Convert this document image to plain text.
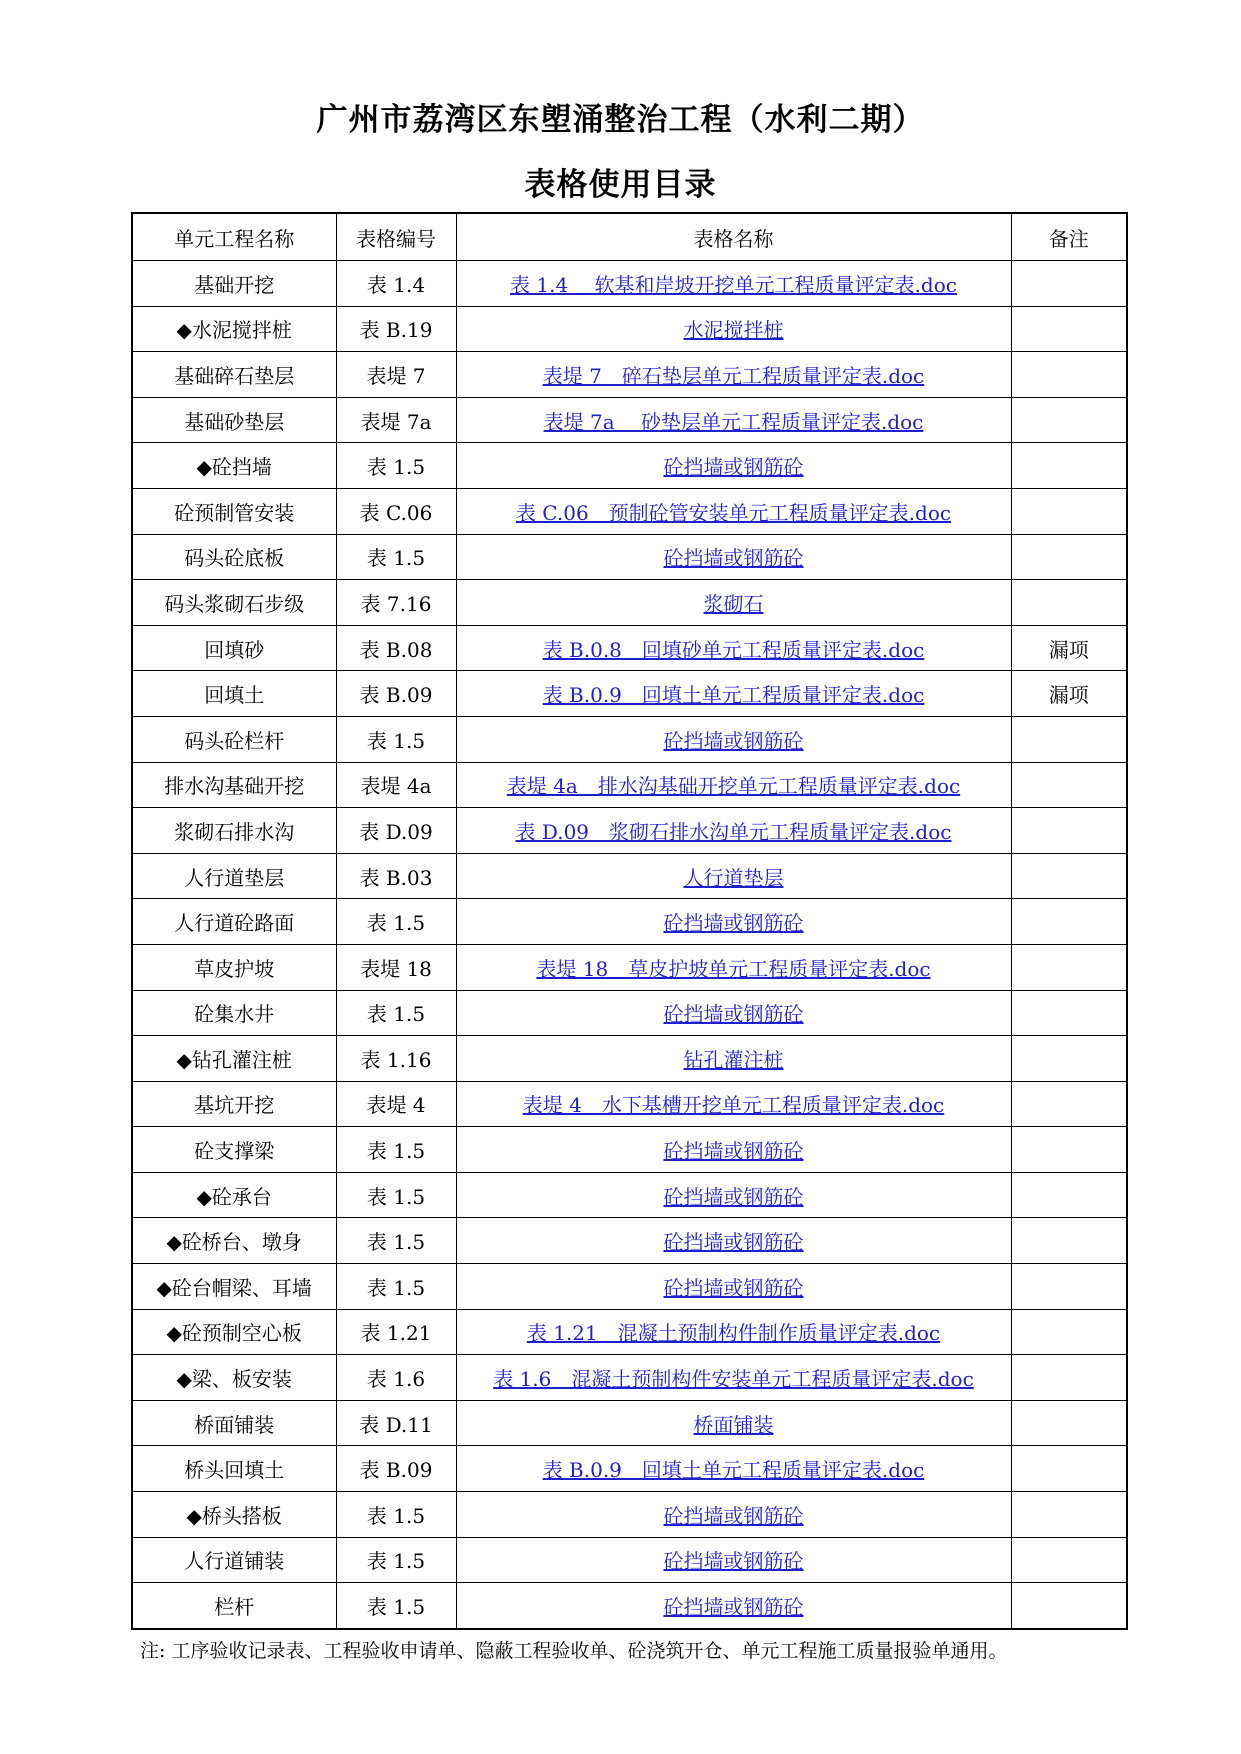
广州市荔湾区东塱涌整治工程（水利二期）
表格使用目录
单元工程名称	表格编号	表格名称	备注
基础开挖	表 1.4	表 1.4　 软基和岸坡开挖单元工程质量评定表.doc	
◆水泥搅拌桩	表 B.19	水泥搅拌桩	
基础碎石垫层	表堤 7	表堤 7　碎石垫层单元工程质量评定表.doc	
基础砂垫层	表堤 7a	表堤 7a　 砂垫层单元工程质量评定表.doc	
◆砼挡墙	表 1.5	砼挡墙或钢筋砼	
砼预制管安装	表 C.06	表 C.06　预制砼管安装单元工程质量评定表.doc	
码头砼底板	表 1.5	砼挡墙或钢筋砼	
码头浆砌石步级	表 7.16	浆砌石	
回填砂	表 B.08	表 B.0.8　回填砂单元工程质量评定表.doc	漏项
回填土	表 B.09	表 B.0.9　回填土单元工程质量评定表.doc	漏项
码头砼栏杆	表 1.5	砼挡墙或钢筋砼	
排水沟基础开挖	表堤 4a	表堤 4a　排水沟基础开挖单元工程质量评定表.doc	
浆砌石排水沟	表 D.09	表 D.09　浆砌石排水沟单元工程质量评定表.doc	
人行道垫层	表 B.03	人行道垫层	
人行道砼路面	表 1.5	砼挡墙或钢筋砼	
草皮护坡	表堤 18	表堤 18　草皮护坡单元工程质量评定表.doc	
砼集水井	表 1.5	砼挡墙或钢筋砼	
◆钻孔灌注桩	表 1.16	钻孔灌注桩	
基坑开挖	表堤 4	表堤 4　水下基槽开挖单元工程质量评定表.doc	
砼支撑梁	表 1.5	砼挡墙或钢筋砼	
◆砼承台	表 1.5	砼挡墙或钢筋砼	
◆砼桥台、墩身	表 1.5	砼挡墙或钢筋砼	
◆砼台帽梁、耳墙	表 1.5	砼挡墙或钢筋砼	
◆砼预制空心板	表 1.21	表 1.21　混凝土预制构件制作质量评定表.doc	
◆梁、板安装	表 1.6	表 1.6　混凝土预制构件安装单元工程质量评定表.doc	
桥面铺装	表 D.11	桥面铺装	
桥头回填土	表 B.09	表 B.0.9　回填土单元工程质量评定表.doc	
◆桥头搭板	表 1.5	砼挡墙或钢筋砼	
人行道铺装	表 1.5	砼挡墙或钢筋砼	
栏杆	表 1.5	砼挡墙或钢筋砼	
注: 工序验收记录表、工程验收申请单、隐蔽工程验收单、砼浇筑开仓、单元工程施工质量报验单通用。
